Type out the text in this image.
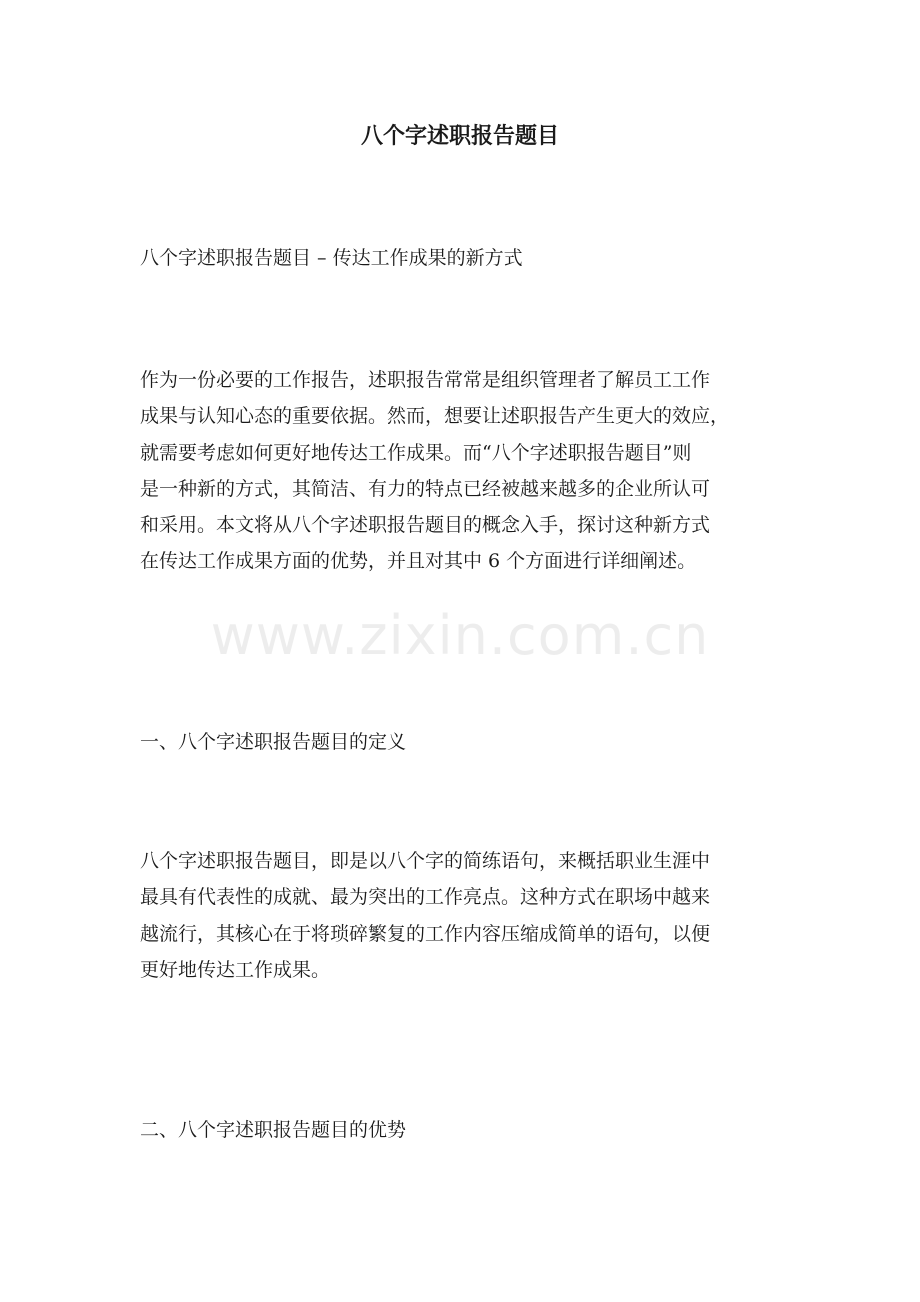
八个字述职报告题目
八个字述职报告题目 – 传达工作成果的新方式

作为一份必要的工作报告，述职报告常常是组织管理者了解员工工作

成果与认知心态的重要依据。然而，想要让述职报告产生更大的效应，

就需要考虑如何更好地传达工作成果。而“八个字述职报告题目”则

是一种新的方式，其简洁、有力的特点已经被越来越多的企业所认可

和采用。本文将从八个字述职报告题目的概念入手，探讨这种新方式

在传达工作成果方面的优势，并且对其中 6 个方面进行详细阐述。

www.zixin.com.cn
一、八个字述职报告题目的定义

八个字述职报告题目，即是以八个字的简练语句，来概括职业生涯中

最具有代表性的成就、最为突出的工作亮点。这种方式在职场中越来

越流行，其核心在于将琐碎繁复的工作内容压缩成简单的语句，以便

更好地传达工作成果。

二、八个字述职报告题目的优势
